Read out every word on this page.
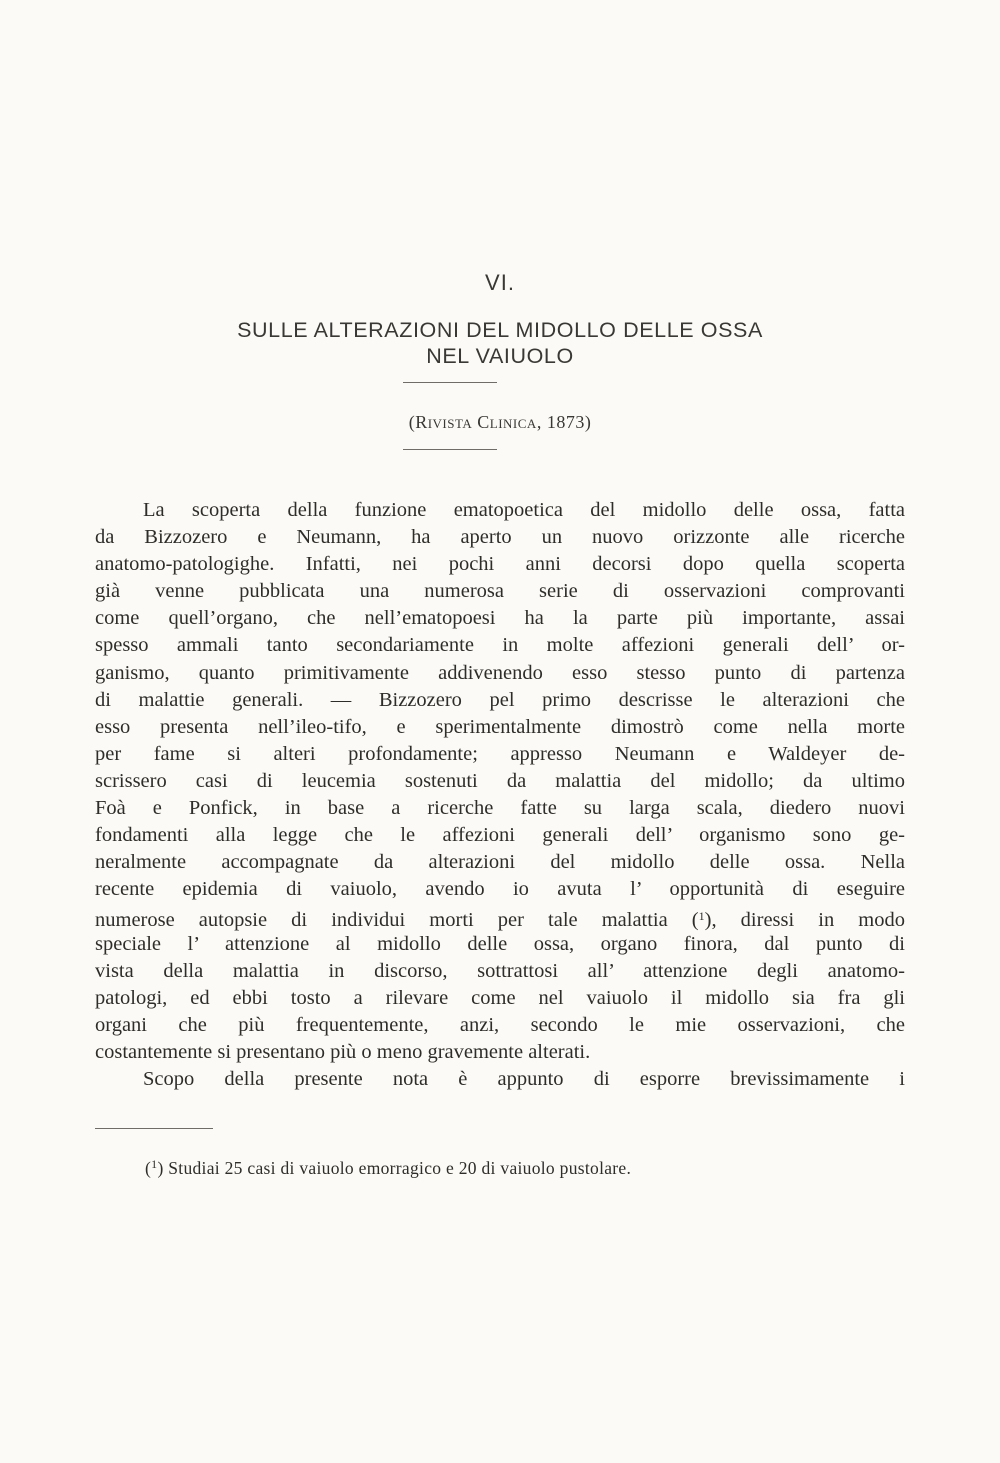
VI.
SULLE ALTERAZIONI DEL MIDOLLO DELLE OSSA
NEL VAIUOLO
(Rivista Clinica, 1873)
La scoperta della funzione ematopoetica del midollo delle ossa, fatta
da Bizzozero e Neumann, ha aperto un nuovo orizzonte alle ricerche
anatomo-patologighe. Infatti, nei pochi anni decorsi dopo quella scoperta
già venne pubblicata una numerosa serie di osservazioni comprovanti
come quell’organo, che nell’ematopoesi ha la parte più importante, assai
spesso ammali tanto secondariamente in molte affezioni generali dell’ or-
ganismo, quanto primitivamente addivenendo esso stesso punto di partenza
di malattie generali. — Bizzozero pel primo descrisse le alterazioni che
esso presenta nell’ileo-tifo, e sperimentalmente dimostrò come nella morte
per fame si alteri profondamente; appresso Neumann e Waldeyer de-
scrissero casi di leucemia sostenuti da malattia del midollo; da ultimo
Foà e Ponfick, in base a ricerche fatte su larga scala, diedero nuovi
fondamenti alla legge che le affezioni generali dell’ organismo sono ge-
neralmente accompagnate da alterazioni del midollo delle ossa. Nella
recente epidemia di vaiuolo, avendo io avuta l’ opportunità di eseguire
numerose autopsie di individui morti per tale malattia ($^1$), diressi in modo
speciale l’ attenzione al midollo delle ossa, organo finora, dal punto di
vista della malattia in discorso, sottrattosi all’ attenzione degli anatomo-
patologi, ed ebbi tosto a rilevare come nel vaiuolo il midollo sia fra gli
organi che più frequentemente, anzi, secondo le mie osservazioni, che
costantemente si presentano più o meno gravemente alterati.
Scopo della presente nota è appunto di esporre brevissimamente i
($^1$) Studiai 25 casi di vaiuolo emorragico e 20 di vaiuolo pustolare.
